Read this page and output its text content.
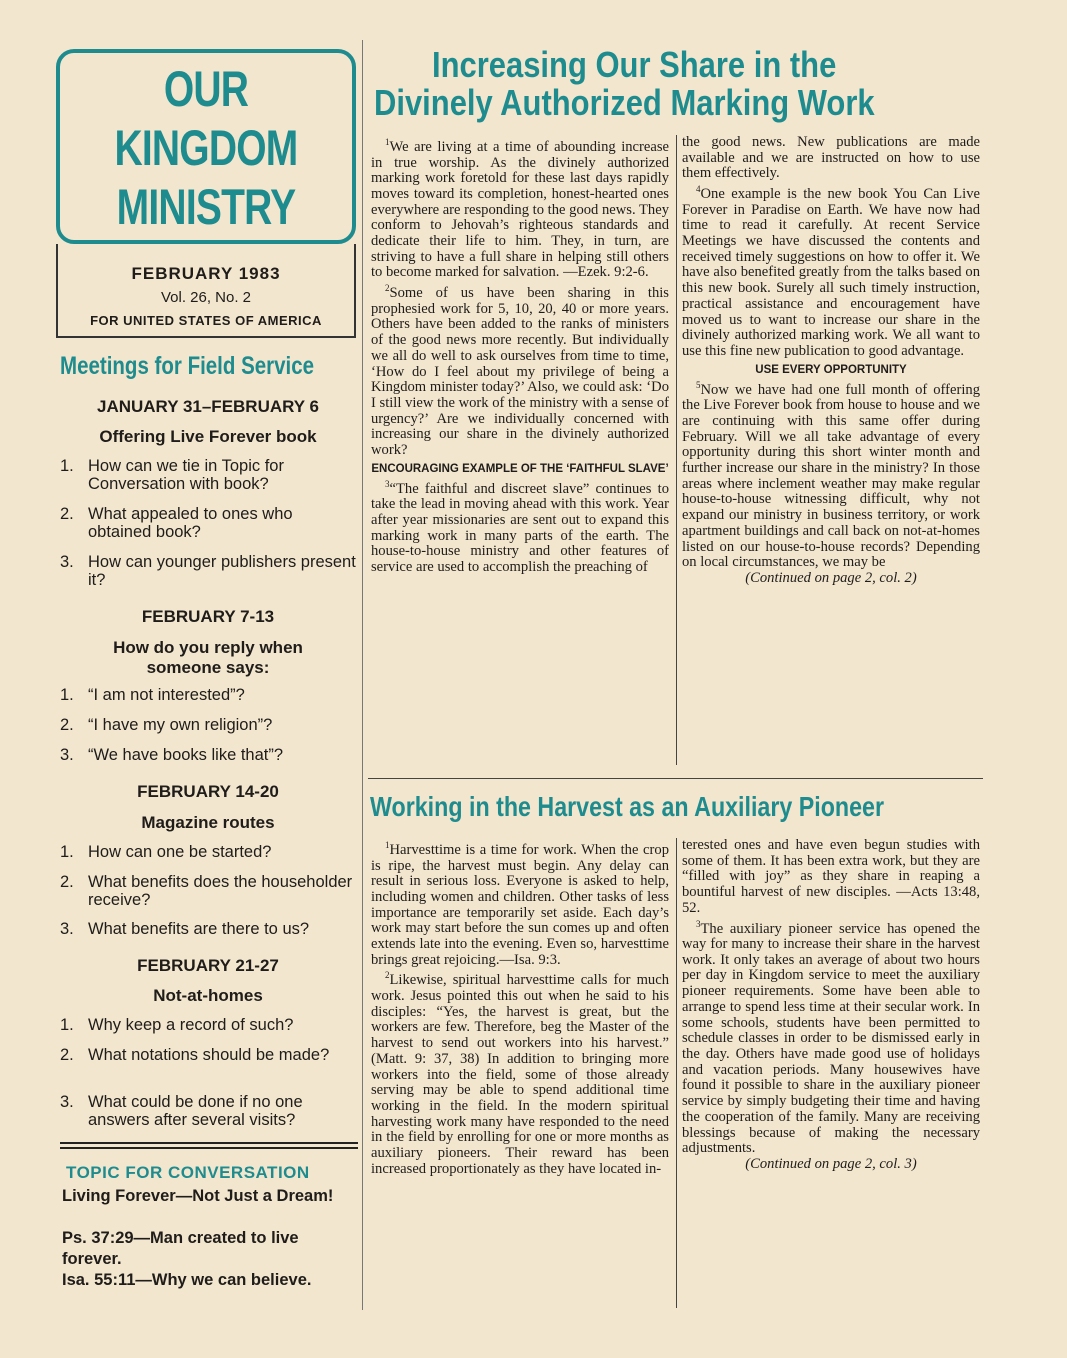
OUR
KINGDOM
MINISTRY
FEBRUARY 1983
Vol. 26, No. 2
FOR UNITED STATES OF AMERICA
Meetings for Field Service
JANUARY 31–FEBRUARY 6
Offering Live Forever book
1. How can we tie in Topic for Conversation with book?
2. What appealed to ones who obtained book?
3. How can younger publishers present it?
FEBRUARY 7-13
How do you reply when someone says:
1. “I am not interested”?
2. “I have my own religion”?
3. “We have books like that”?
FEBRUARY 14-20
Magazine routes
1. How can one be started?
2. What benefits does the householder receive?
3. What benefits are there to us?
FEBRUARY 21-27
Not-at-homes
1. Why keep a record of such?
2. What notations should be made?
3. What could be done if no one answers after several visits?
TOPIC FOR CONVERSATION
Living Forever—Not Just a Dream!
Ps. 37:29—Man created to live forever.
Isa. 55:11—Why we can believe.
Increasing Our Share in the
Divinely Authorized Marking Work

$^1$We are living at a time of abounding increase in true worship. As the divinely authorized marking work foretold for these last days rapidly moves toward its completion, honest-hearted ones everywhere are responding to the good news. They conform to Jehovah’s righteous standards and dedicate their life to him. They, in turn, are striving to have a full share in helping still others to become marked for salvation. —Ezek. 9:2-6.

$^2$Some of us have been sharing in this prophesied work for 5, 10, 20, 40 or more years. Others have been added to the ranks of ministers of the good news more recently. But individually we all do well to ask ourselves from time to time, ‘How do I feel about my privilege of being a Kingdom minister today?’ Also, we could ask: ‘Do I still view the work of the ministry with a sense of urgency?’ Are we individually concerned with increasing our share in the divinely authorized work?

ENCOURAGING EXAMPLE OF THE ‘FAITHFUL SLAVE’

$^3$“The faithful and discreet slave” continues to take the lead in moving ahead with this work. Year after year missionaries are sent out to expand this marking work in many parts of the earth. The house-to-house ministry and other features of service are used to accomplish the preaching of

the good news. New publications are made available and we are instructed on how to use them effectively.

$^4$One example is the new book You Can Live Forever in Paradise on Earth. We have now had time to read it carefully. At recent Service Meetings we have discussed the contents and received timely suggestions on how to offer it. We have also benefited greatly from the talks based on this new book. Surely all such timely instruction, practical assistance and encouragement have moved us to want to increase our share in the divinely authorized marking work. We all want to use this fine new publication to good advantage.

USE EVERY OPPORTUNITY

$^5$Now we have had one full month of offering the Live Forever book from house to house and we are continuing with this same offer during February. Will we all take advantage of every opportunity during this short winter month and further increase our share in the ministry? In those areas where inclement weather may make regular house-to-house witnessing difficult, why not expand our ministry in business territory, or work apartment buildings and call back on not-at-homes listed on our house-to-house records? Depending on local circumstances, we may be

(Continued on page 2, col. 2)

Working in the Harvest as an Auxiliary Pioneer

$^1$Harvesttime is a time for work. When the crop is ripe, the harvest must begin. Any delay can result in serious loss. Everyone is asked to help, including women and children. Other tasks of less importance are temporarily set aside. Each day’s work may start before the sun comes up and often extends late into the evening. Even so, harvesttime brings great rejoicing.—Isa. 9:3.

$^2$Likewise, spiritual harvesttime calls for much work. Jesus pointed this out when he said to his disciples: “Yes, the harvest is great, but the workers are few. Therefore, beg the Master of the harvest to send out workers into his harvest.” (Matt. 9: 37, 38) In addition to bringing more workers into the field, some of those already serving may be able to spend additional time working in the field. In the modern spiritual harvesting work many have responded to the need in the field by enrolling for one or more months as auxiliary pioneers. Their reward has been increased proportionately as they have located in-

terested ones and have even begun studies with some of them. It has been extra work, but they are “filled with joy” as they share in reaping a bountiful harvest of new disciples. —Acts 13:48, 52.

$^3$The auxiliary pioneer service has opened the way for many to increase their share in the harvest work. It only takes an average of about two hours per day in Kingdom service to meet the auxiliary pioneer requirements. Some have been able to arrange to spend less time at their secular work. In some schools, students have been permitted to schedule classes in order to be dismissed early in the day. Others have made good use of holidays and vacation periods. Many housewives have found it possible to share in the auxiliary pioneer service by simply budgeting their time and having the cooperation of the family. Many are receiving blessings because of making the necessary adjustments.

(Continued on page 2, col. 3)
